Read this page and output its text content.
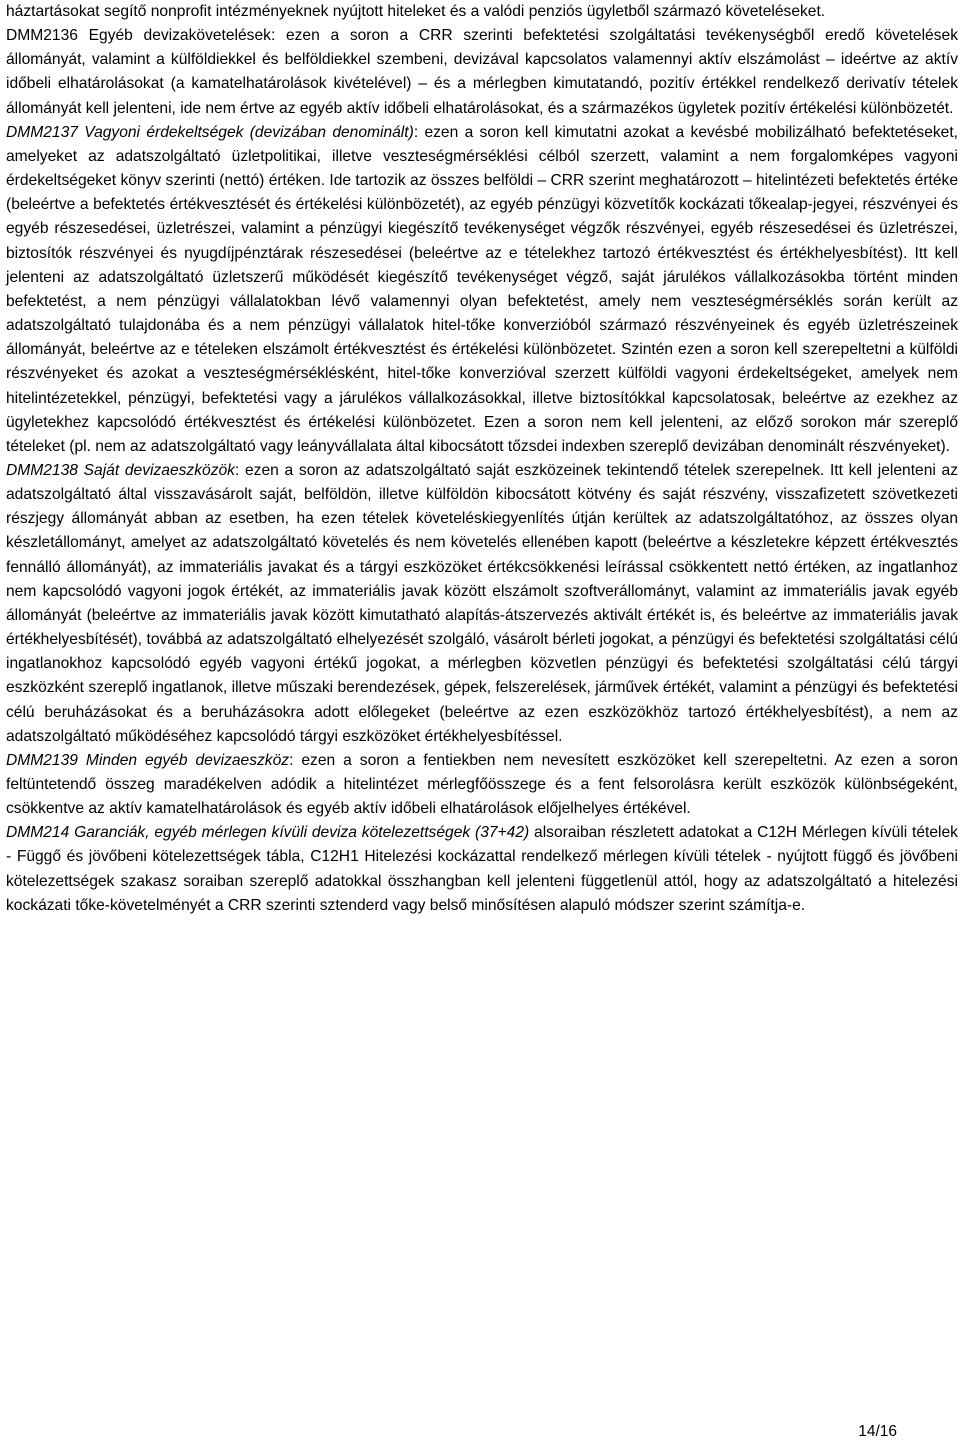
háztartásokat segítő nonprofit intézményeknek nyújtott hiteleket és a valódi penziós ügyletből származó követeléseket.

DMM2136 Egyéb devizakövetelések: ezen a soron a CRR szerinti befektetési szolgáltatási tevékenységből eredő követelések állományát, valamint a külföldiekkel és belföldiekkel szembeni, devizával kapcsolatos valamennyi aktív elszámolást – ideértve az aktív időbeli elhatárolásokat (a kamatelhatárolások kivételével) – és a mérlegben kimutatandó, pozitív értékkel rendelkező derivatív tételek állományát kell jelenteni, ide nem értve az egyéb aktív időbeli elhatárolásokat, és a származékos ügyletek pozitív értékelési különbözetét.

DMM2137 Vagyoni érdekeltségek (devizában denominált): ezen a soron kell kimutatni azokat a kevésbé mobilizálható befektetéseket, amelyeket az adatszolgáltató üzletpolitikai, illetve veszteségmérséklési célból szerzett, valamint a nem forgalomképes vagyoni érdekeltségeket könyv szerinti (nettó) értéken. Ide tartozik az összes belföldi – CRR szerint meghatározott – hitelintézeti befektetés értéke (beleértve a befektetés értékvesztését és értékelési különbözetét), az egyéb pénzügyi közvetítők kockázati tőkealap-jegyei, részvényei és egyéb részesedései, üzletrészei, valamint a pénzügyi kiegészítő tevékenységet végzők részvényei, egyéb részesedései és üzletrészei, biztosítók részvényei és nyugdíjpénztárak részesedései (beleértve az e tételekhez tartozó értékvesztést és értékhelyesbítést). Itt kell jelenteni az adatszolgáltató üzletszerű működését kiegészítő tevékenységet végző, saját járulékos vállalkozásokba történt minden befektetést, a nem pénzügyi vállalatokban lévő valamennyi olyan befektetést, amely nem veszteségmérséklés során került az adatszolgáltató tulajdonába és a nem pénzügyi vállalatok hitel-tőke konverzióból származó részvényeinek és egyéb üzletrészeinek állományát, beleértve az e tételeken elszámolt értékvesztést és értékelési különbözetet. Szintén ezen a soron kell szerepeltetni a külföldi részvényeket és azokat a veszteségmérséklésként, hitel-tőke konverzióval szerzett külföldi vagyoni érdekeltségeket, amelyek nem hitelintézetekkel, pénzügyi, befektetési vagy a járulékos vállalkozásokkal, illetve biztosítókkal kapcsolatosak, beleértve az ezekhez az ügyletekhez kapcsolódó értékvesztést és értékelési különbözetet. Ezen a soron nem kell jelenteni, az előző sorokon már szereplő tételeket (pl. nem az adatszolgáltató vagy leányvállalata által kibocsátott tőzsdei indexben szereplő devizában denominált részvényeket).

DMM2138 Saját devizaeszközök: ezen a soron az adatszolgáltató saját eszközeinek tekintendő tételek szerepelnek. Itt kell jelenteni az adatszolgáltató által visszavásárolt saját, belföldön, illetve külföldön kibocsátott kötvény és saját részvény, visszafizetett szövetkezeti részjegy állományát abban az esetben, ha ezen tételek követeléskiegyenlítés útján kerültek az adatszolgáltatóhoz, az összes olyan készletállományt, amelyet az adatszolgáltató követelés és nem követelés ellenében kapott (beleértve a készletekre képzett értékvesztés fennálló állományát), az immateriális javakat és a tárgyi eszközöket értékcsökkenési leírással csökkentett nettó értéken, az ingatlanhoz nem kapcsolódó vagyoni jogok értékét, az immateriális javak között elszámolt szoftverállományt, valamint az immateriális javak egyéb állományát (beleértve az immateriális javak között kimutatható alapítás-átszervezés aktivált értékét is, és beleértve az immateriális javak értékhelyesbítését), továbbá az adatszolgáltató elhelyezését szolgáló, vásárolt bérleti jogokat, a pénzügyi és befektetési szolgáltatási célú ingatlanokhoz kapcsolódó egyéb vagyoni értékű jogokat, a mérlegben közvetlen pénzügyi és befektetési szolgáltatási célú tárgyi eszközként szereplő ingatlanok, illetve műszaki berendezések, gépek, felszerelések, járművek értékét, valamint a pénzügyi és befektetési célú beruházásokat és a beruházásokra adott előlegeket (beleértve az ezen eszközökhöz tartozó értékhelyesbítést), a nem az adatszolgáltató működéséhez kapcsolódó tárgyi eszközöket értékhelyesbítéssel.

DMM2139 Minden egyéb devizaeszköz: ezen a soron a fentiekben nem nevesített eszközöket kell szerepeltetni. Az ezen a soron feltüntetendő összeg maradékelven adódik a hitelintézet mérlegfőösszege és a fent felsorolásra került eszközök különbségeként, csökkentve az aktív kamatelhatárolások és egyéb aktív időbeli elhatárolások előjelhelyes értékével.

DMM214 Garanciák, egyéb mérlegen kívüli deviza kötelezettségek (37+42) alsoraiban részletett adatokat a C12H Mérlegen kívüli tételek - Függő és jövőbeni kötelezettségek tábla, C12H1 Hitelezési kockázattal rendelkező mérlegen kívüli tételek - nyújtott függő és jövőbeni kötelezettségek szakasz soraiban szereplő adatokkal összhangban kell jelenteni függetlenül attól, hogy az adatszolgáltató a hitelezési kockázati tőke-követelményét a CRR szerinti sztenderd vagy belső minősítésen alapuló módszer szerint számítja-e.

14/16
